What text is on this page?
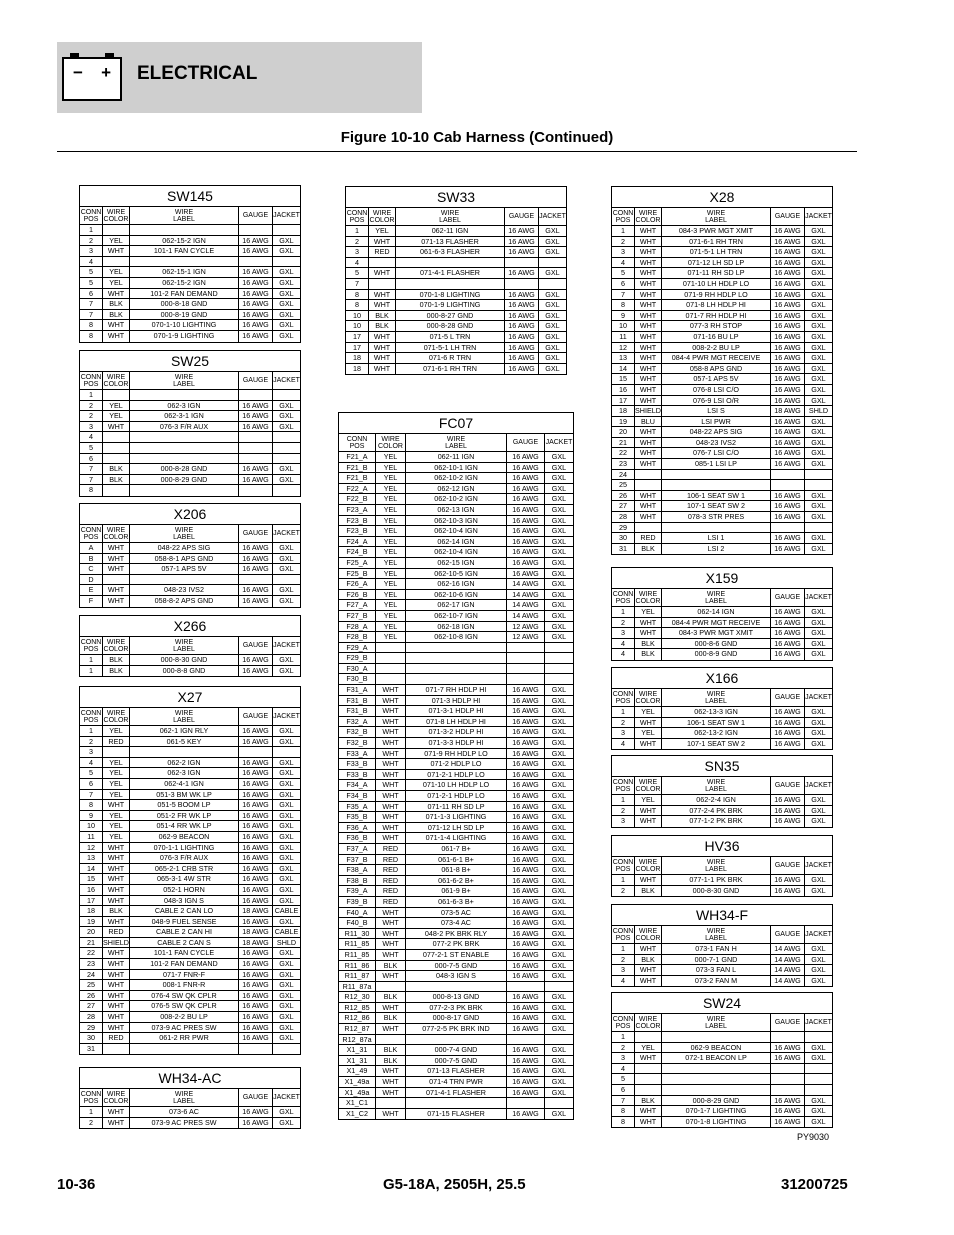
− + ELECTRICAL
Figure 10-10 Cab Harness (Continued)
SW145
CONN
POS
WIRE
COLOR
WIRE
LABEL	GAUGE JACKET
1
2	YEL	062-15-2 IGN	16 AWG	GXL
3	WHT	101-1 FAN CYCLE	16 AWG	GXL
4
5	YEL	062-15-1 IGN	16 AWG	GXL
5	YEL	062-15-2 IGN	16 AWG	GXL
6	WHT	101-2 FAN DEMAND	16 AWG	GXL
7	BLK	000-8-18 GND	16 AWG	GXL
7	BLK	000-8-19 GND	16 AWG	GXL
8	WHT	070-1-10 LIGHTING	16 AWG	GXL
8	WHT	070-1-9 LIGHTING	16 AWG	GXL
SW25
CONN
POS
WIRE
COLOR
WIRE
LABEL	GAUGE JACKET
1
2	YEL	062-3 IGN	16 AWG	GXL
2	YEL	062-3-1 IGN	16 AWG	GXL
3	WHT	076-3 F/R AUX	16 AWG	GXL
4
5
6
7	BLK	000-8-28 GND	16 AWG	GXL
7	BLK	000-8-29 GND	16 AWG	GXL
8
X206
CONN
POS
WIRE
COLOR
WIRE
LABEL	GAUGE JACKET
A	WHT	048-22 APS SIG	16 AWG	GXL
B	WHT	058-8-1 APS GND	16 AWG	GXL
C	WHT	057-1 APS 5V	16 AWG	GXL
D
E	WHT	048-23 IVS2	16 AWG	GXL
F	WHT	058-8-2 APS GND	16 AWG	GXL
X266
CONN
POS
WIRE
COLOR
WIRE
LABEL	GAUGE JACKET
1	BLK	000-8-30 GND	16 AWG	GXL
1	BLK	000-8-8 GND	16 AWG	GXL
X27
CONN
POS
WIRE
COLOR
WIRE
LABEL	GAUGE JACKET
1	YEL	062-1 IGN RLY	16 AWG	GXL
2	RED	061-5 KEY	16 AWG	GXL
3
4	YEL	062-2 IGN	16 AWG	GXL
5	YEL	062-3 IGN	16 AWG	GXL
6	YEL	062-4-1 IGN	16 AWG	GXL
7	YEL	051-3 BM WK LP	16 AWG	GXL
8	WHT	051-5 BOOM LP	16 AWG	GXL
9	YEL	051-2 FR WK LP	16 AWG	GXL
10	YEL	051-4 RR WK LP	16 AWG	GXL
11	YEL	062-9 BEACON	16 AWG	GXL
12	WHT	070-1-1 LIGHTING	16 AWG	GXL
13	WHT	076-3 F/R AUX	16 AWG	GXL
14	WHT	065-2-1 CRB STR	16 AWG	GXL
15	WHT	065-3-1 4W STR	16 AWG	GXL
16	WHT	052-1 HORN	16 AWG	GXL
17	WHT	048-3 IGN S	16 AWG	GXL
18	BLK	CABLE 2 CAN LO	18 AWG CABLE
19	WHT	048-9 FUEL SENSE	16 AWG	GXL
20	RED	CABLE 2 CAN HI	18 AWG CABLE
21	SHIELD	CABLE 2 CAN S	18 AWG	SHLD
22	WHT	101-1 FAN CYCLE	16 AWG	GXL
23	WHT	101-2 FAN DEMAND	16 AWG	GXL
24	WHT	071-7 FNR-F	16 AWG	GXL
25	WHT	008-1 FNR-R	16 AWG	GXL
26	WHT	076-4 SW QK CPLR	16 AWG	GXL
27	WHT	076-5 SW QK CPLR	16 AWG	GXL
28	WHT	008-2-2 BU LP	16 AWG	GXL
29	WHT	073-9 AC PRES SW	16 AWG	GXL
30	RED	061-2 RR PWR	16 AWG	GXL
31
WH34-AC
CONN
POS
WIRE
COLOR
WIRE
LABEL	GAUGE JACKET
1	WHT	073-6 AC	16 AWG	GXL
2	WHT	073-9 AC PRES SW	16 AWG	GXL
SW33
CONN
POS
WIRE
COLOR
WIRE
LABEL	GAUGE JACKET
1	YEL	062-11 IGN	16 AWG	GXL
2	WHT	071-13 FLASHER	16 AWG	GXL
3	RED	061-6-3 FLASHER	16 AWG	GXL
4
5	WHT	071-4-1 FLASHER	16 AWG	GXL
7
8	WHT	070-1-8 LIGHTING	16 AWG	GXL
8	WHT	070-1-9 LIGHTING	16 AWG	GXL
10	BLK	000-8-27 GND	16 AWG	GXL
10	BLK	000-8-28 GND	16 AWG	GXL
17	WHT	071-5 L TRN	16 AWG	GXL
17	WHT	071-5-1 LH TRN	16 AWG	GXL
18	WHT	071-6 R TRN	16 AWG	GXL
18	WHT	071-6-1 RH TRN	16 AWG	GXL
FC07
CONN
POS
WIRE
COLOR
WIRE
LABEL	GAUGE	JACKET
F21_A	YEL	062-11 IGN	16 AWG	GXL
F21_B	YEL	062-10-1 IGN	16 AWG	GXL
F21_B	YEL	062-10-2 IGN	16 AWG	GXL
F22_A	YEL	062-12 IGN	16 AWG	GXL
F22_B	YEL	062-10-2 IGN	16 AWG	GXL
F23_A	YEL	062-13 IGN	16 AWG	GXL
F23_B	YEL	062-10-3 IGN	16 AWG	GXL
F23_B	YEL	062-10-4 IGN	16 AWG	GXL
F24_A	YEL	062-14 IGN	16 AWG	GXL
F24_B	YEL	062-10-4 IGN	16 AWG	GXL
F25_A	YEL	062-15 IGN	16 AWG	GXL
F25_B	YEL	062-10-5 IGN	16 AWG	GXL
F26_A	YEL	062-16 IGN	14 AWG	GXL
F26_B	YEL	062-10-6 IGN	14 AWG	GXL
F27_A	YEL	062-17 IGN	14 AWG	GXL
F27_B	YEL	062-10-7 IGN	14 AWG	GXL
F28_A	YEL	062-18 IGN	12 AWG	GXL
F28_B	YEL	062-10-8 IGN	12 AWG	GXL
F29_A
F29_B
F30_A
F30_B
F31_A	WHT	071-7 RH HDLP HI	16 AWG	GXL
F31_B	WHT	071-3 HDLP HI	16 AWG	GXL
F31_B	WHT	071-3-1 HDLP HI	16 AWG	GXL
F32_A	WHT	071-8 LH HDLP HI	16 AWG	GXL
F32_B	WHT	071-3-2 HDLP HI	16 AWG	GXL
F32_B	WHT	071-3-3 HDLP HI	16 AWG	GXL
F33_A	WHT	071-9 RH HDLP LO	16 AWG	GXL
F33_B	WHT	071-2 HDLP LO	16 AWG	GXL
F33_B	WHT	071-2-1 HDLP LO	16 AWG	GXL
F34_A	WHT	071-10 LH HDLP LO	16 AWG	GXL
F34_B	WHT	071-2-1 HDLP LO	16 AWG	GXL
F35_A	WHT	071-11 RH SD LP	16 AWG	GXL
F35_B	WHT	071-1-3 LIGHTING	16 AWG	GXL
F36_A	WHT	071-12 LH SD LP	16 AWG	GXL
F36_B	WHT	071-1-4 LIGHTING	16 AWG	GXL
F37_A	RED	061-7 B+	16 AWG	GXL
F37_B	RED	061-6-1 B+	16 AWG	GXL
F38_A	RED	061-8 B+	16 AWG	GXL
F38_B	RED	061-6-2 B+	16 AWG	GXL
F39_A	RED	061-9 B+	16 AWG	GXL
F39_B	RED	061-6-3 B+	16 AWG	GXL
F40_A	WHT	073-5 AC	16 AWG	GXL
F40_B	WHT	073-4 AC	16 AWG	GXL
R11_30	WHT	048-2 PK BRK RLY	16 AWG	GXL
R11_85	WHT	077-2 PK BRK	16 AWG	GXL
R11_85	WHT	077-2-1 ST ENABLE	16 AWG	GXL
R11_86	BLK	000-7-5 GND	16 AWG	GXL
R11_87	WHT	048-3 IGN S	16 AWG	GXL
R11_87a
R12_30	BLK	000-8-13 GND	16 AWG	GXL
R12_85	WHT	077-2-3 PK BRK	16 AWG	GXL
R12_86	BLK	000-8-17 GND	16 AWG	GXL
R12_87	WHT	077-2-5 PK BRK IND	16 AWG	GXL
R12_87a
X1_31	BLK	000-7-4 GND	16 AWG	GXL
X1_31	BLK	000-7-5 GND	16 AWG	GXL
X1_49	WHT	071-13 FLASHER	16 AWG	GXL
X1_49a	WHT	071-4 TRN PWR	16 AWG	GXL
X1_49a	WHT	071-4-1 FLASHER	16 AWG	GXL
X1_C1
X1_C2	WHT	071-15 FLASHER	16 AWG	GXL
X28
CONN
POS
WIRE
COLOR
WIRE
LABEL	GAUGE JACKET
1	WHT	084-3 PWR MGT XMIT	16 AWG	GXL
2	WHT	071-6-1 RH TRN	16 AWG	GXL
3	WHT	071-5-1 LH TRN	16 AWG	GXL
4	WHT	071-12 LH SD LP	16 AWG	GXL
5	WHT	071-11 RH SD LP	16 AWG	GXL
6	WHT	071-10 LH HDLP LO	16 AWG	GXL
7	WHT	071-9 RH HDLP LO	16 AWG	GXL
8	WHT	071-8 LH HDLP HI	16 AWG	GXL
9	WHT	071-7 RH HDLP HI	16 AWG	GXL
10	WHT	077-3 RH STOP	16 AWG	GXL
11	WHT	071-16 BU LP	16 AWG	GXL
12	WHT	008-2-2 BU LP	16 AWG	GXL
13	WHT	084-4 PWR MGT RECEIVE	16 AWG	GXL
14	WHT	058-8 APS GND	16 AWG	GXL
15	WHT	057-1 APS 5V	16 AWG	GXL
16	WHT	076-8 LSI C/O	16 AWG	GXL
17	WHT	076-9 LSI O/R	16 AWG	GXL
18	SHIELD	LSI S	18 AWG	SHLD
19	BLU	LSI PWR	16 AWG	GXL
20	WHT	048-22 APS SIG	16 AWG	GXL
21	WHT	048-23 IVS2	16 AWG	GXL
22	WHT	076-7 LSI C/O	16 AWG	GXL
23	WHT	085-1 LSI LP	16 AWG	GXL
24
25
26	WHT	106-1 SEAT SW 1	16 AWG	GXL
27	WHT	107-1 SEAT SW 2	16 AWG	GXL
28	WHT	078-3 STR PRES	16 AWG	GXL
29
30	RED	LSI 1	16 AWG	GXL
31	BLK	LSI 2	16 AWG	GXL
X159
CONN
POS
WIRE
COLOR
WIRE
LABEL	GAUGE JACKET
1	YEL	062-14 IGN	16 AWG	GXL
2	WHT	084-4 PWR MGT RECEIVE	16 AWG	GXL
3	WHT	084-3 PWR MGT XMIT	16 AWG	GXL
4	BLK	000-8-6 GND	16 AWG	GXL
4	BLK	000-8-9 GND	16 AWG	GXL
X166
CONN
POS
WIRE
COLOR
WIRE
LABEL	GAUGE JACKET
1	YEL	062-13-3 IGN	16 AWG	GXL
2	WHT	106-1 SEAT SW 1	16 AWG	GXL
3	YEL	062-13-2 IGN	16 AWG	GXL
4	WHT	107-1 SEAT SW 2	16 AWG	GXL
SN35
CONN
POS
WIRE
COLOR
WIRE
LABEL	GAUGE JACKET
1	YEL	062-2-4 IGN	16 AWG	GXL
2	WHT	077-2-4 PK BRK	16 AWG	GXL
3	WHT	077-1-2 PK BRK	16 AWG	GXL
HV36
CONN
POS
WIRE
COLOR
WIRE
LABEL	GAUGE JACKET
1	WHT	077-1-1 PK BRK	16 AWG	GXL
2	BLK	000-8-30 GND	16 AWG	GXL
WH34-F
CONN
POS
WIRE
COLOR
WIRE
LABEL	GAUGE JACKET
1	WHT	073-1 FAN H	14 AWG	GXL
2	BLK	000-7-1 GND	14 AWG	GXL
3	WHT	073-3 FAN L	14 AWG	GXL
4	WHT	073-2 FAN M	14 AWG	GXL
SW24
CONN
POS
WIRE
COLOR
WIRE
LABEL	GAUGE JACKET
1
2	YEL	062-9 BEACON	16 AWG	GXL
3	WHT	072-1 BEACON LP	16 AWG	GXL
4
5
6
7	BLK	000-8-29 GND	16 AWG	GXL
8	WHT	070-1-7 LIGHTING	16 AWG	GXL
8	WHT	070-1-8 LIGHTING	16 AWG	GXL
PY9030
10-36	G5-18A, 2505H, 25.5	31200725
